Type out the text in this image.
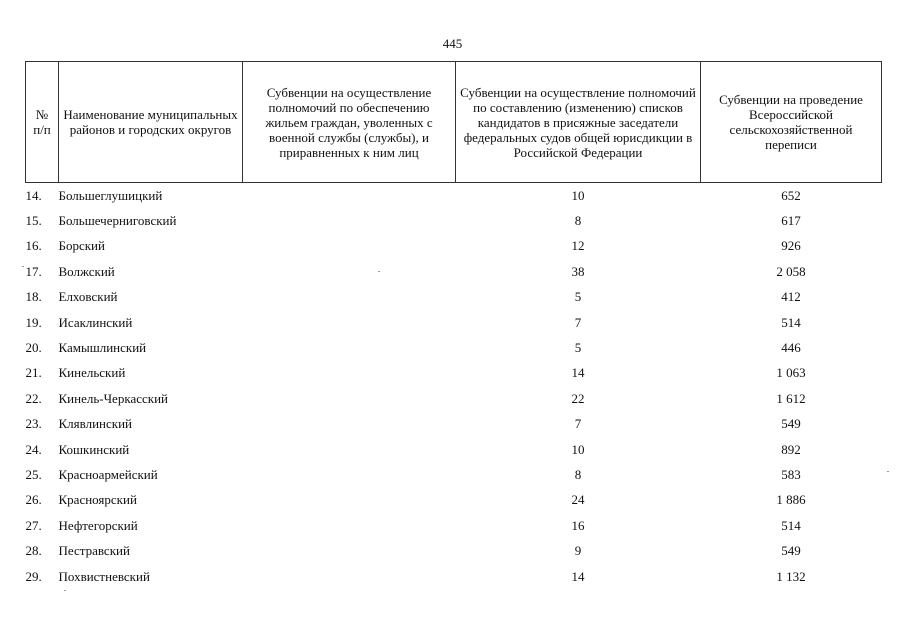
445
№ п/п	Наименование муниципальных районов и городских округов	Субвенции на осуществление полномочий по обеспечению жильем граждан, уволенных с военной службы (службы), и приравненных к ним лиц	Субвенции на осуществление полномочий по составлению (изменению) списков кандидатов в присяжные заседатели федеральных судов общей юрисдикции в Российской Федерации	Субвенции на проведение Всероссийской сельскохозяйственной переписи
14.	Большеглушицкий		10	652
15.	Большечерниговский		8	617
16.	Борский		12	926
17.	Волжский		38	2 058
18.	Елховский		5	412
19.	Исаклинский		7	514
20.	Камышлинский		5	446
21.	Кинельский		14	1 063
22.	Кинель-Черкасский		22	1 612
23.	Клявлинский		7	549
24.	Кошкинский		10	892
25.	Красноармейский		8	583
26.	Красноярский		24	1 886
27.	Нефтегорский		16	514
28.	Пестравский		9	549
29.	Похвистневский		14	1 132
